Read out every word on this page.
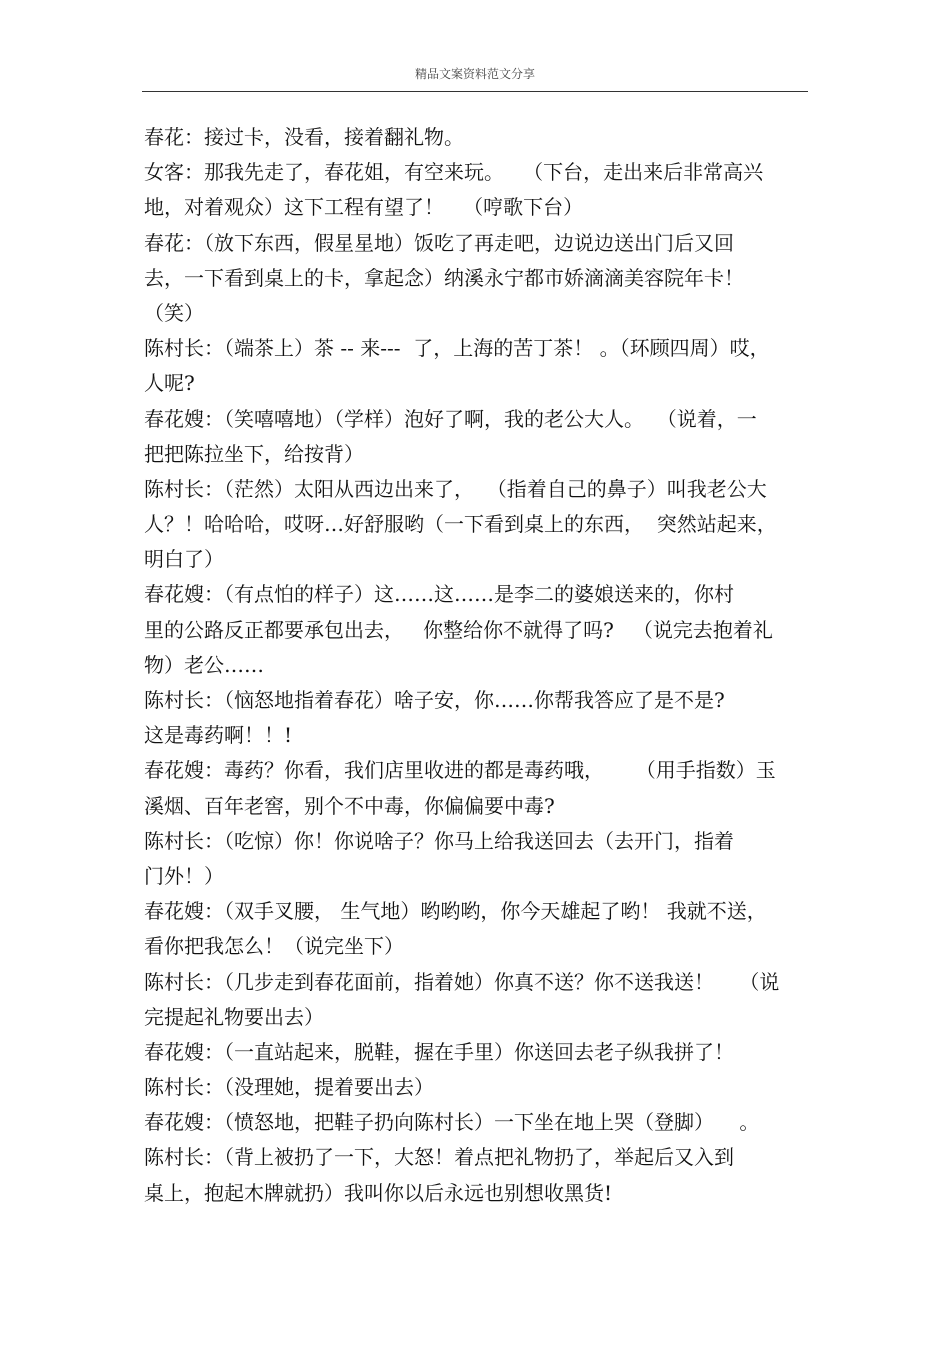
精品文案资料范文分享
春花：接过卡，没看，接着翻礼物。
女客：那我先走了，春花姐，有空来玩。   （下台，走出来后非常高兴
地，对着观众）这下工程有望了！   （哼歌下台）
春花：（放下东西，假星星地）饭吃了再走吧，边说边送出门后又回
去，一下看到桌上的卡，拿起念）纳溪永宁都市娇滴滴美容院年卡！
（笑）
陈村长：（端茶上）茶 -- 来---  了，上海的苦丁茶！ 。（环顾四周）哎，
人呢?
春花嫂：（笑嘻嘻地）（学样）泡好了啊，我的老公大人。  （说着，一
把把陈拉坐下，给按背）
陈村长：（茫然）太阳从西边出来了，  （指着自己的鼻子）叫我老公大
人？！哈哈哈，哎呀…好舒服哟（一下看到桌上的东西，  突然站起来，
明白了）
春花嫂：（有点怕的样子）这……这……是李二的婆娘送来的，你村
里的公路反正都要承包出去，   你整给你不就得了吗?   （说完去抱着礼
物）老公……
陈村长：（恼怒地指着春花）啥子安，你……你帮我答应了是不是?
这是毒药啊！！!
春花嫂：毒药？你看，我们店里收进的都是毒药哦，     （用手指数）玉
溪烟、百年老窖，别个不中毒，你偏偏要中毒?
陈村长：（吃惊）你！你说啥子？你马上给我送回去（去开门，指着
门外！）
春花嫂：（双手叉腰， 生气地）哟哟哟，你今天雄起了哟！ 我就不送，
看你把我怎么！（说完坐下）
陈村长：（几步走到春花面前，指着她）你真不送？你不送我送！    （说
完提起礼物要出去）
春花嫂：（一直站起来，脱鞋，握在手里）你送回去老子纵我拼了！
陈村长：（没理她，提着要出去）
春花嫂：（愤怒地，把鞋子扔向陈村长）一下坐在地上哭（登脚）    。
陈村长：（背上被扔了一下，大怒！着点把礼物扔了，举起后又入到
桌上，抱起木牌就扔）我叫你以后永远也别想收黑货!
